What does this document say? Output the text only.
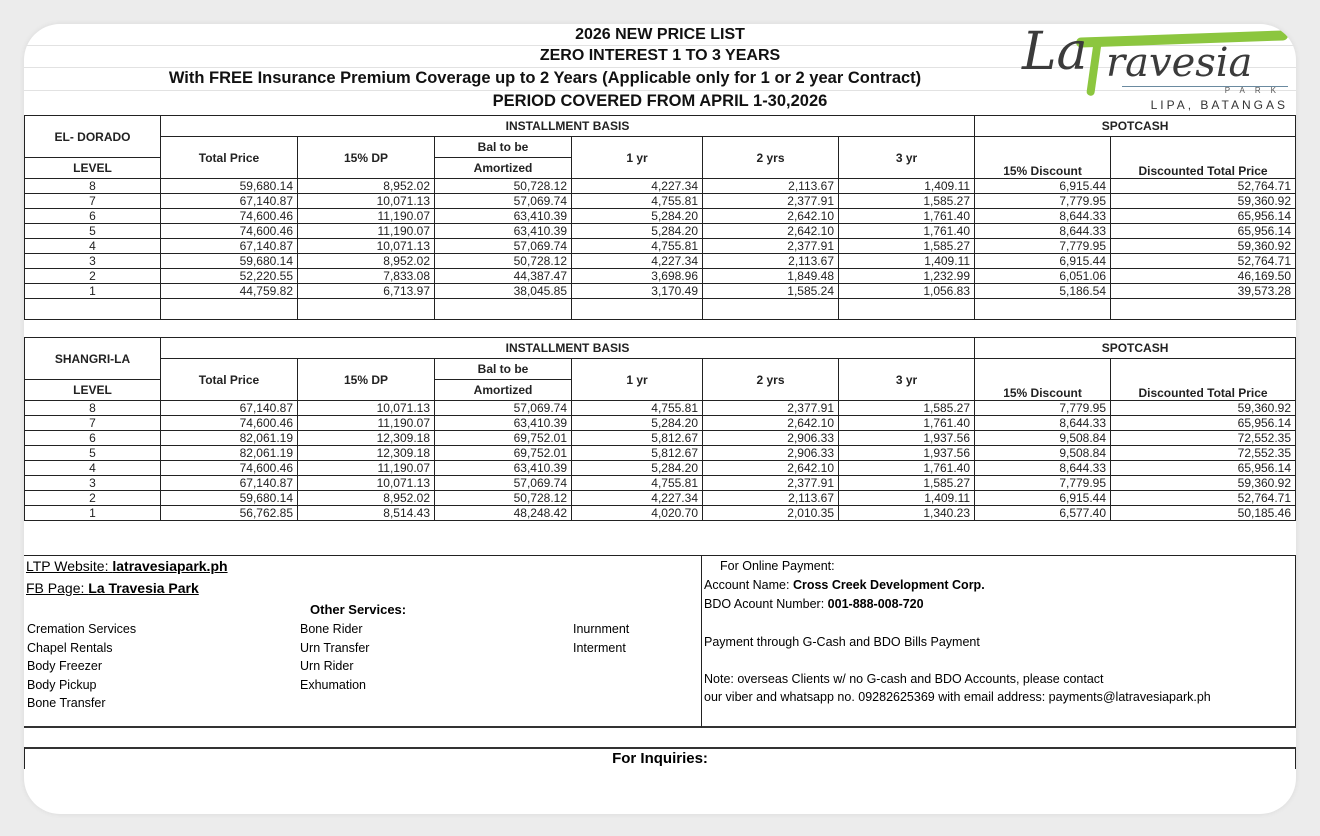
2026 NEW PRICE LIST
ZERO INTEREST 1 TO 3 YEARS
With FREE Insurance Premium Coverage up to 2 Years (Applicable only for 1 or 2 year Contract)
PERIOD COVERED FROM APRIL 1-30,2026
La ravesia
PARK
LIPA, BATANGAS
EL- DORADO	INSTALLMENT BASIS						SPOTCASH	
	Total Price	15% DP	Bal to be	1 yr	2 yrs	3 yr	15% Discount	Discounted Total Price
LEVEL			Amortized					
8	59,680.14	8,952.02	50,728.12	4,227.34	2,113.67	1,409.11	6,915.44	52,764.71
7	67,140.87	10,071.13	57,069.74	4,755.81	2,377.91	1,585.27	7,779.95	59,360.92
6	74,600.46	11,190.07	63,410.39	5,284.20	2,642.10	1,761.40	8,644.33	65,956.14
5	74,600.46	11,190.07	63,410.39	5,284.20	2,642.10	1,761.40	8,644.33	65,956.14
4	67,140.87	10,071.13	57,069.74	4,755.81	2,377.91	1,585.27	7,779.95	59,360.92
3	59,680.14	8,952.02	50,728.12	4,227.34	2,113.67	1,409.11	6,915.44	52,764.71
2	52,220.55	7,833.08	44,387.47	3,698.96	1,849.48	1,232.99	6,051.06	46,169.50
1	44,759.82	6,713.97	38,045.85	3,170.49	1,585.24	1,056.83	5,186.54	39,573.28

SHANGRI-LA	INSTALLMENT BASIS						SPOTCASH	
	Total Price	15% DP	Bal to be	1 yr	2 yrs	3 yr	15% Discount	Discounted Total Price
LEVEL			Amortized					
8	67,140.87	10,071.13	57,069.74	4,755.81	2,377.91	1,585.27	7,779.95	59,360.92
7	74,600.46	11,190.07	63,410.39	5,284.20	2,642.10	1,761.40	8,644.33	65,956.14
6	82,061.19	12,309.18	69,752.01	5,812.67	2,906.33	1,937.56	9,508.84	72,552.35
5	82,061.19	12,309.18	69,752.01	5,812.67	2,906.33	1,937.56	9,508.84	72,552.35
4	74,600.46	11,190.07	63,410.39	5,284.20	2,642.10	1,761.40	8,644.33	65,956.14
3	67,140.87	10,071.13	57,069.74	4,755.81	2,377.91	1,585.27	7,779.95	59,360.92
2	59,680.14	8,952.02	50,728.12	4,227.34	2,113.67	1,409.11	6,915.44	52,764.71
1	56,762.85	8,514.43	48,248.42	4,020.70	2,010.35	1,340.23	6,577.40	50,185.46
LTP Website: latravesiapark.ph
FB Page: La Travesia Park
Other Services:
Cremation Services
Chapel Rentals
Body Freezer
Body Pickup
Bone Transfer
Bone Rider
Urn Transfer
Urn Rider
Exhumation
Inurnment
Interment
For Online Payment:
Account Name: Cross Creek Development Corp.
BDO Acount Number: 001-888-008-720
Payment through G-Cash and BDO Bills Payment
Note: overseas Clients w/ no G-cash and BDO Accounts, please contact
our viber and whatsapp no. 09282625369 with email address: payments@latravesiapark.ph
For Inquiries:
